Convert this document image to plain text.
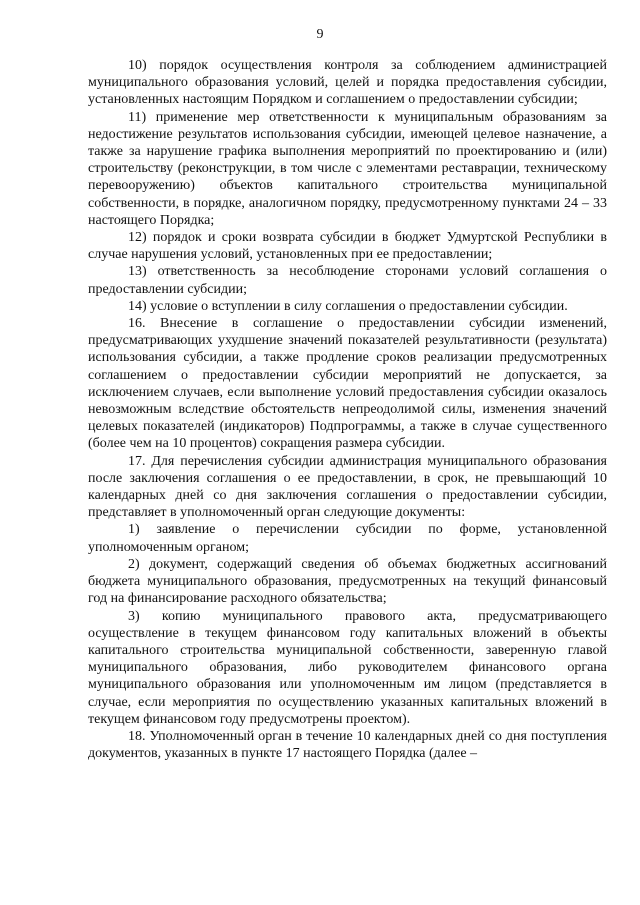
9

10) порядок осуществления контроля за соблюдением администрацией муниципального образования условий, целей и порядка предоставления субсидии, установленных настоящим Порядком и соглашением о предоставлении субсидии;

11) применение мер ответственности к муниципальным образованиям за недостижение результатов использования субсидии, имеющей целевое назначение, а также за нарушение графика выполнения мероприятий по проектированию и (или) строительству (реконструкции, в том числе с элементами реставрации, техническому перевооружению) объектов капитального строительства муниципальной собственности, в порядке, аналогичном порядку, предусмотренному пунктами 24 – 33 настоящего Порядка;

12) порядок и сроки возврата субсидии в бюджет Удмуртской Республики в случае нарушения условий, установленных при ее предоставлении;

13) ответственность за несоблюдение сторонами условий соглашения о предоставлении субсидии;

14) условие о вступлении в силу соглашения о предоставлении субсидии.

16. Внесение в соглашение о предоставлении субсидии изменений, предусматривающих ухудшение значений показателей результативности (результата) использования субсидии, а также продление сроков реализации предусмотренных соглашением о предоставлении субсидии мероприятий не допускается, за исключением случаев, если выполнение условий предоставления субсидии оказалось невозможным вследствие обстоятельств непреодолимой силы, изменения значений целевых показателей (индикаторов) Подпрограммы, а также в случае существенного (более чем на 10 процентов) сокращения размера субсидии.

17. Для перечисления субсидии администрация муниципального образования после заключения соглашения о ее предоставлении, в срок, не превышающий 10 календарных дней со дня заключения соглашения о предоставлении субсидии, представляет в уполномоченный орган следующие документы:

1) заявление о перечислении субсидии по форме, установленной уполномоченным органом;

2) документ, содержащий сведения об объемах бюджетных ассигнований бюджета муниципального образования, предусмотренных на текущий финансовый год на финансирование расходного обязательства;

3) копию муниципального правового акта, предусматривающего осуществление в текущем финансовом году капитальных вложений в объекты капитального строительства муниципальной собственности, заверенную главой муниципального образования, либо руководителем финансового органа муниципального образования или уполномоченным им лицом (представляется в случае, если мероприятия по осуществлению указанных капитальных вложений в текущем финансовом году предусмотрены проектом).

18. Уполномоченный орган в течение 10 календарных дней со дня поступления документов, указанных в пункте 17 настоящего Порядка (далее –
